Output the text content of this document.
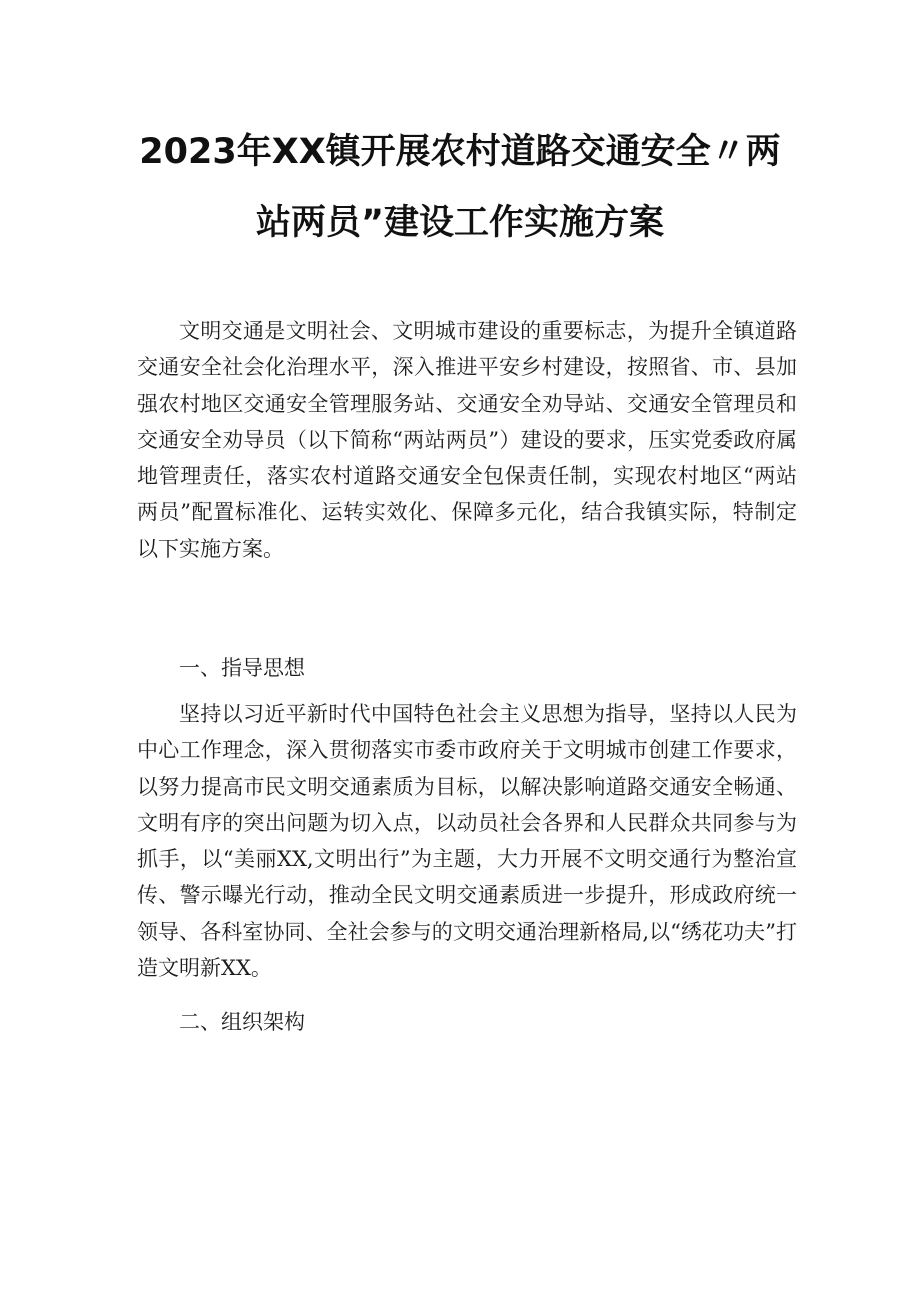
2023年XX镇开展农村道路交通安全〃两
站两员”建设工作实施方案

文明交通是文明社会、文明城市建设的重要标志，为提升全镇道路交通安全社会化治理水平，深入推进平安乡村建设，按照省、市、县加强农村地区交通安全管理服务站、交通安全劝导站、交通安全管理员和交通安全劝导员（以下简称“两站两员”）建设的要求，压实党委政府属地管理责任，落实农村道路交通安全包保责任制，实现农村地区“两站两员”配置标准化、运转实效化、保障多元化，结合我镇实际，特制定以下实施方案。

一、指导思想

坚持以习近平新时代中国特色社会主义思想为指导，坚持以人民为中心工作理念，深入贯彻落实市委市政府关于文明城市创建工作要求，以努力提高市民文明交通素质为目标，以解决影响道路交通安全畅通、文明有序的突出问题为切入点，以动员社会各界和人民群众共同参与为抓手，以“美丽XX,文明出行”为主题，大力开展不文明交通行为整治宣传、警示曝光行动，推动全民文明交通素质进一步提升，形成政府统一领导、各科室协同、全社会参与的文明交通治理新格局,以“绣花功夫”打造文明新XX。

二、组织架构
